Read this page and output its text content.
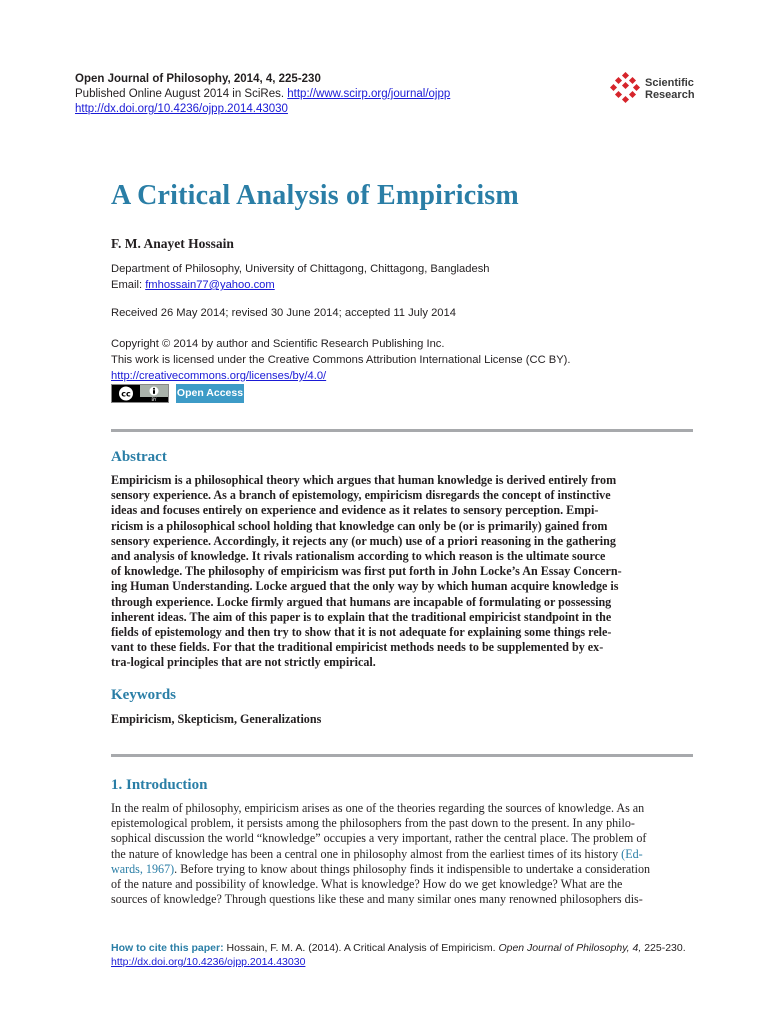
Open Journal of Philosophy, 2014, 4, 225-230
Published Online August 2014 in SciRes. http://www.scirp.org/journal/ojpp
http://dx.doi.org/10.4236/ojpp.2014.43030
Scientific
Research
A Critical Analysis of Empiricism
F. M. Anayet Hossain
Department of Philosophy, University of Chittagong, Chittagong, Bangladesh
Email: fmhossain77@yahoo.com
Received 26 May 2014; revised 30 June 2014; accepted 11 July 2014
Copyright © 2014 by author and Scientific Research Publishing Inc.
This work is licensed under the Creative Commons Attribution International License (CC BY).
http://creativecommons.org/licenses/by/4.0/
cc
BY
Open Access
Abstract
Empiricism is a philosophical theory which argues that human knowledge is derived entirely from
sensory experience. As a branch of epistemology, empiricism disregards the concept of instinctive
ideas and focuses entirely on experience and evidence as it relates to sensory perception. Empi-
ricism is a philosophical school holding that knowledge can only be (or is primarily) gained from
sensory experience. Accordingly, it rejects any (or much) use of a priori reasoning in the gathering
and analysis of knowledge. It rivals rationalism according to which reason is the ultimate source
of knowledge. The philosophy of empiricism was first put forth in John Locke’s An Essay Concern-
ing Human Understanding. Locke argued that the only way by which human acquire knowledge is
through experience. Locke firmly argued that humans are incapable of formulating or possessing
inherent ideas. The aim of this paper is to explain that the traditional empiricist standpoint in the
fields of epistemology and then try to show that it is not adequate for explaining some things rele-
vant to these fields. For that the traditional empiricist methods needs to be supplemented by ex-
tra-logical principles that are not strictly empirical.
Keywords
Empiricism, Skepticism, Generalizations
1. Introduction
In the realm of philosophy, empiricism arises as one of the theories regarding the sources of knowledge. As an
epistemological problem, it persists among the philosophers from the past down to the present. In any philo-
sophical discussion the world “knowledge” occupies a very important, rather the central place. The problem of
the nature of knowledge has been a central one in philosophy almost from the earliest times of its history (Ed-
wards, 1967). Before trying to know about things philosophy finds it indispensible to undertake a consideration
of the nature and possibility of knowledge. What is knowledge? How do we get knowledge? What are the
sources of knowledge? Through questions like these and many similar ones many renowned philosophers dis-
How to cite this paper: Hossain, F. M. A. (2014). A Critical Analysis of Empiricism. Open Journal of Philosophy, 4, 225-230.
http://dx.doi.org/10.4236/ojpp.2014.43030
